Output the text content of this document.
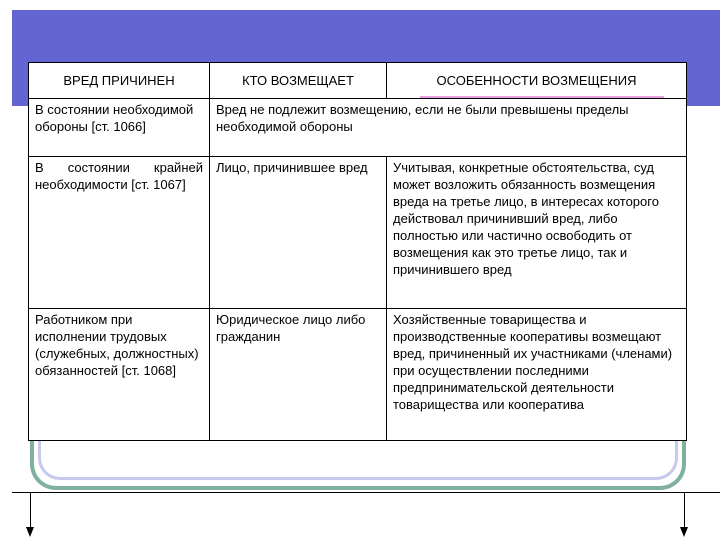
ВРЕД ПРИЧИНЕН	КТО ВОЗМЕЩАЕТ	ОСОБЕННОСТИ ВОЗМЕЩЕНИЯ
В состоянии необходимой обороны [ст. 1066]	Вред не подлежит возмещению, если не были превышены пределы необходимой обороны	
В состоянии крайней необходимости [ст. 1067]	Лицо, причинившее вред	Учитывая, конкретные обстоятельства, суд может возложить обязанность возмещения вреда на третье лицо, в интересах которого действовал причинивший вред, либо полностью или частично освободить от возмещения как это третье лицо, так и причинившего вред
Работником при исполнении трудовых (служебных, должностных) обязанностей [ст. 1068]	Юридическое лицо либо гражданин	Хозяйственные товарищества и производственные кооперативы возмещают вред, причиненный их участниками (членами) при осуществлении последними предпринимательской деятельности товарищества или кооператива
